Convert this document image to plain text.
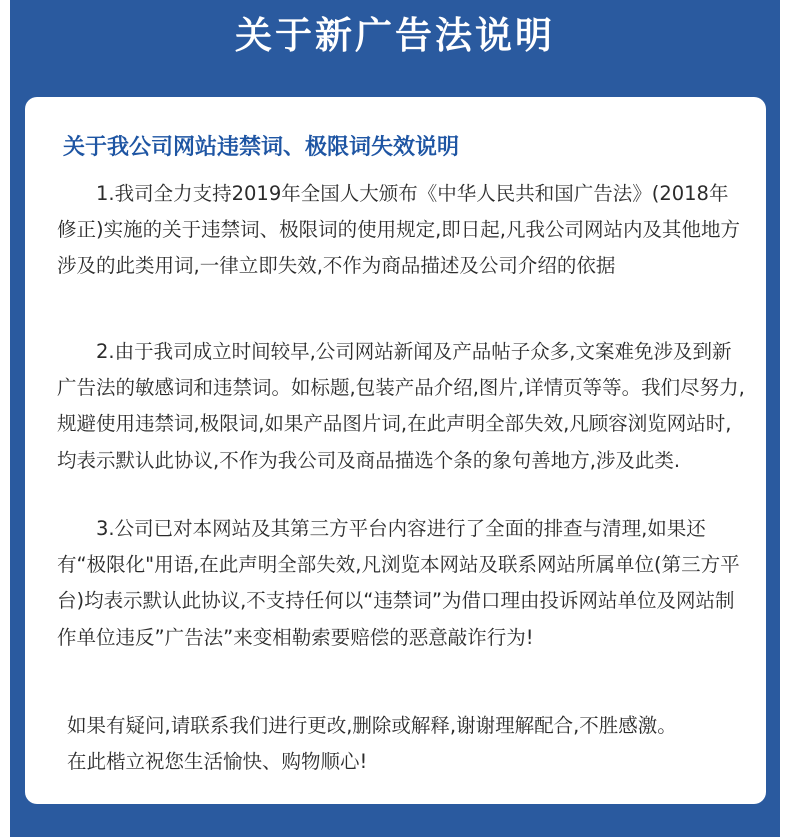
关于新广告法说明
关于我公司网站违禁词、极限词失效说明

1.我司全力支持2019年全国人大颁布《中华人民共和国广告法》(2018年修正)实施的关于违禁词、极限词的使用规定,即日起,凡我公司网站内及其他地方涉及的此类用词,一律立即失效,不作为商品描述及公司介绍的依据

2.由于我司成立时间较早,公司网站新闻及产品帖子众多,文案难免涉及到新广告法的敏感词和违禁词。如标题,包装产品介绍,图片,详情页等等。我们尽努力,规避使用违禁词,极限词,如果产品图片词,在此声明全部失效,凡顾容浏览网站时,均表示默认此协议,不作为我公司及商品描选个条的象句善地方,涉及此类.

3.公司已对本网站及其第三方平台内容进行了全面的排查与清理,如果还有“极限化"用语,在此声明全部失效,凡浏览本网站及联系网站所属单位(第三方平台)均表示默认此协议,不支持任何以“违禁词”为借口理由投诉网站单位及网站制作单位违反”广告法”来变相勒索要赔偿的恶意敲诈行为!

如果有疑问,请联系我们进行更改,删除或解释,谢谢理解配合,不胜感激。
在此楷立祝您生活愉快、购物顺心!
